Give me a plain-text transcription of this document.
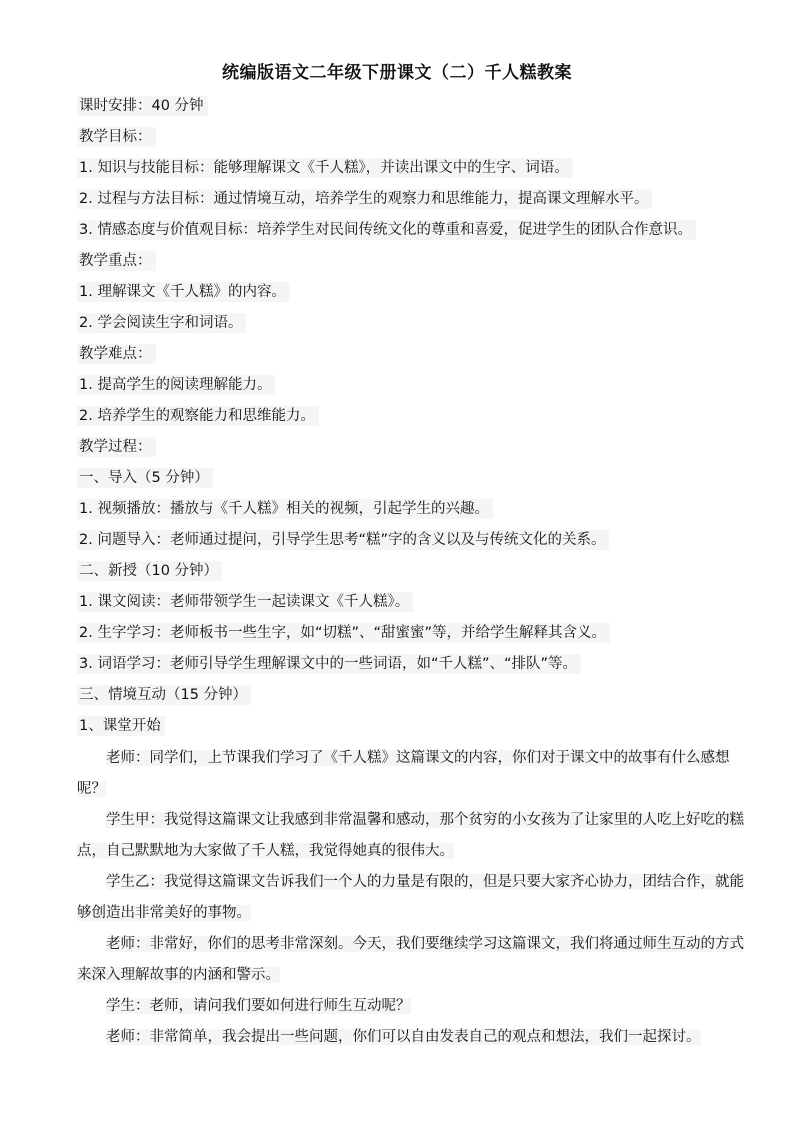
统编版语文二年级下册课文（二）千人糕教案
课时安排：40 分钟
教学目标：
1. 知识与技能目标：能够理解课文《千人糕》，并读出课文中的生字、词语。
2. 过程与方法目标：通过情境互动，培养学生的观察力和思维能力，提高课文理解水平。
3. 情感态度与价值观目标：培养学生对民间传统文化的尊重和喜爱，促进学生的团队合作意识。
教学重点：
1. 理解课文《千人糕》的内容。
2. 学会阅读生字和词语。
教学难点：
1. 提高学生的阅读理解能力。
2. 培养学生的观察能力和思维能力。
教学过程：
一、导入（5 分钟）
1. 视频播放：播放与《千人糕》相关的视频，引起学生的兴趣。
2. 问题导入：老师通过提问，引导学生思考“糕”字的含义以及与传统文化的关系。
二、新授（10 分钟）
1. 课文阅读：老师带领学生一起读课文《千人糕》。
2. 生字学习：老师板书一些生字，如“切糕”、“甜蜜蜜”等，并给学生解释其含义。
3. 词语学习：老师引导学生理解课文中的一些词语，如“千人糕”、“排队”等。
三、情境互动（15 分钟）
1、课堂开始

老师：同学们，上节课我们学习了《千人糕》这篇课文的内容，你们对于课文中的故事有什么感想呢？

学生甲：我觉得这篇课文让我感到非常温馨和感动，那个贫穷的小女孩为了让家里的人吃上好吃的糕点，自己默默地为大家做了千人糕，我觉得她真的很伟大。

学生乙：我觉得这篇课文告诉我们一个人的力量是有限的，但是只要大家齐心协力，团结合作，就能够创造出非常美好的事物。

老师：非常好，你们的思考非常深刻。今天，我们要继续学习这篇课文，我们将通过师生互动的方式来深入理解故事的内涵和警示。

学生：老师，请问我们要如何进行师生互动呢？

老师：非常简单，我会提出一些问题，你们可以自由发表自己的观点和想法，我们一起探讨。
